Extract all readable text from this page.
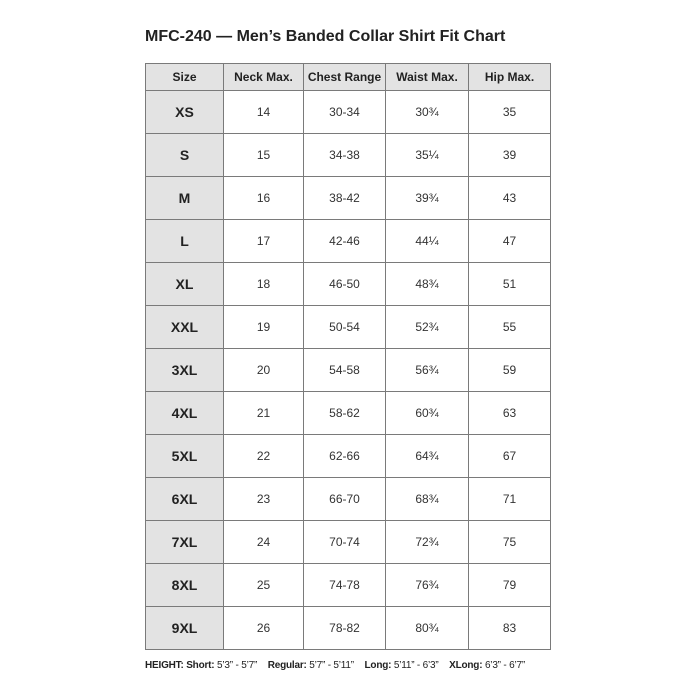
MFC-240 — Men’s Banded Collar Shirt Fit Chart
Size	Neck Max.	Chest Range	Waist Max.	Hip Max.
XS	14	30-34	30¾	35
S	15	34-38	35¼	39
M	16	38-42	39¾	43
L	17	42-46	44¼	47
XL	18	46-50	48¾	51
XXL	19	50-54	52¾	55
3XL	20	54-58	56¾	59
4XL	21	58-62	60¾	63
5XL	22	62-66	64¾	67
6XL	23	66-70	68¾	71
7XL	24	70-74	72¾	75
8XL	25	74-78	76¾	79
9XL	26	78-82	80¾	83
HEIGHT: Short: 5’3” - 5’7” Regular: 5’7” - 5’11” Long: 5’11” - 6’3” XLong: 6’3” - 6’7”
